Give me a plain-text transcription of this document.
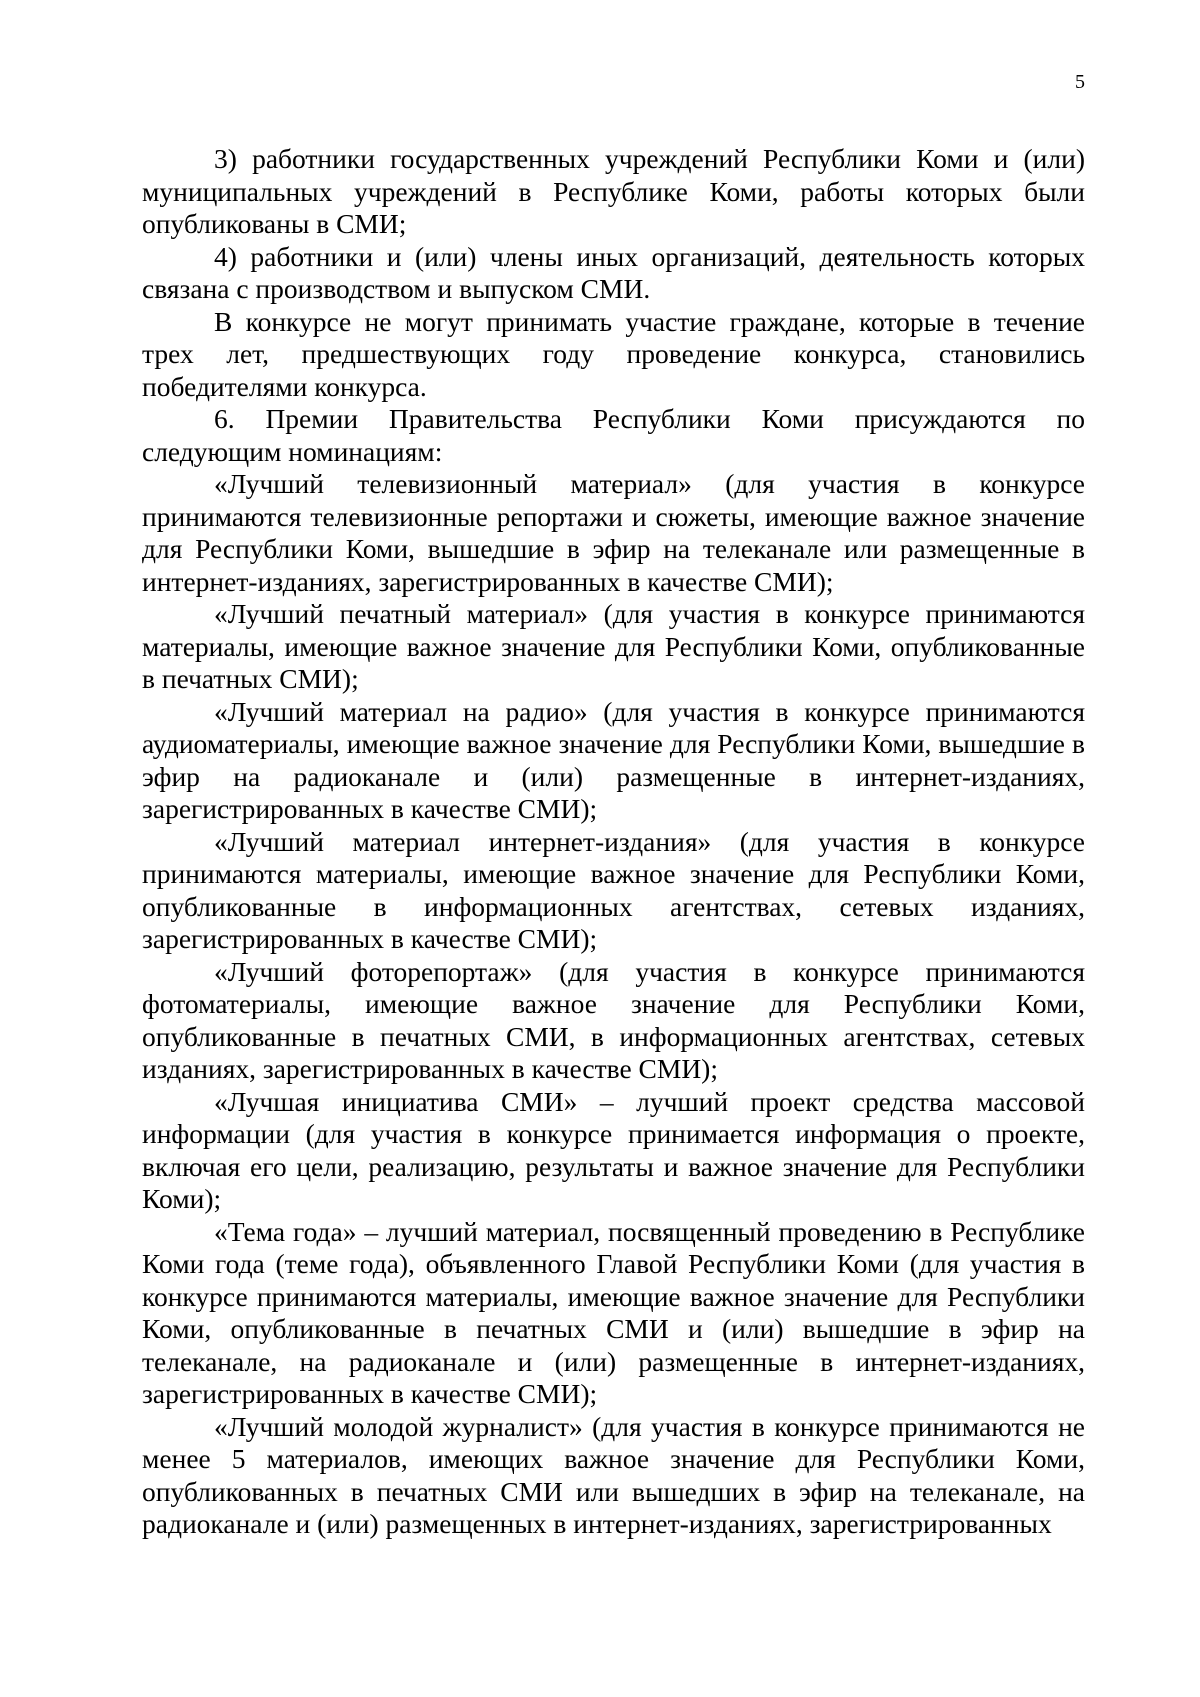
5

3) работники государственных учреждений Республики Коми и (или) муниципальных учреждений в Республике Коми, работы которых были опубликованы в СМИ;

4) работники и (или) члены иных организаций, деятельность которых связана с производством и выпуском СМИ.

В конкурсе не могут принимать участие граждане, которые в течение трех лет, предшествующих году проведение конкурса, становились победителями конкурса.

6. Премии Правительства Республики Коми присуждаются по следующим номинациям:

«Лучший телевизионный материал» (для участия в конкурсе принимаются телевизионные репортажи и сюжеты, имеющие важное значение для Республики Коми, вышедшие в эфир на телеканале или размещенные в интернет-изданиях, зарегистрированных в качестве СМИ);

«Лучший печатный материал» (для участия в конкурсе принимаются материалы, имеющие важное значение для Республики Коми, опубликованные в печатных СМИ);

«Лучший материал на радио» (для участия в конкурсе принимаются аудиоматериалы, имеющие важное значение для Республики Коми, вышедшие в эфир на радиоканале и (или) размещенные в интернет-изданиях, зарегистрированных в качестве СМИ);

«Лучший материал интернет-издания» (для участия в конкурсе принимаются материалы, имеющие важное значение для Республики Коми, опубликованные в информационных агентствах, сетевых изданиях, зарегистрированных в качестве СМИ);

«Лучший фоторепортаж» (для участия в конкурсе принимаются фотоматериалы, имеющие важное значение для Республики Коми, опубликованные в печатных СМИ, в информационных агентствах, сетевых изданиях, зарегистрированных в качестве СМИ);

«Лучшая инициатива СМИ» – лучший проект средства массовой информации (для участия в конкурсе принимается информация о проекте, включая его цели, реализацию, результаты и важное значение для Республики Коми);

«Тема года» – лучший материал, посвященный проведению в Республике Коми года (теме года), объявленного Главой Республики Коми (для участия в конкурсе принимаются материалы, имеющие важное значение для Республики Коми, опубликованные в печатных СМИ и (или) вышедшие в эфир на телеканале, на радиоканале и (или) размещенные в интернет-изданиях, зарегистрированных в качестве СМИ);

«Лучший молодой журналист» (для участия в конкурсе принимаются не менее 5 материалов, имеющих важное значение для Республики Коми, опубликованных в печатных СМИ или вышедших в эфир на телеканале, на радиоканале и (или) размещенных в интернет-изданиях, зарегистрированных
